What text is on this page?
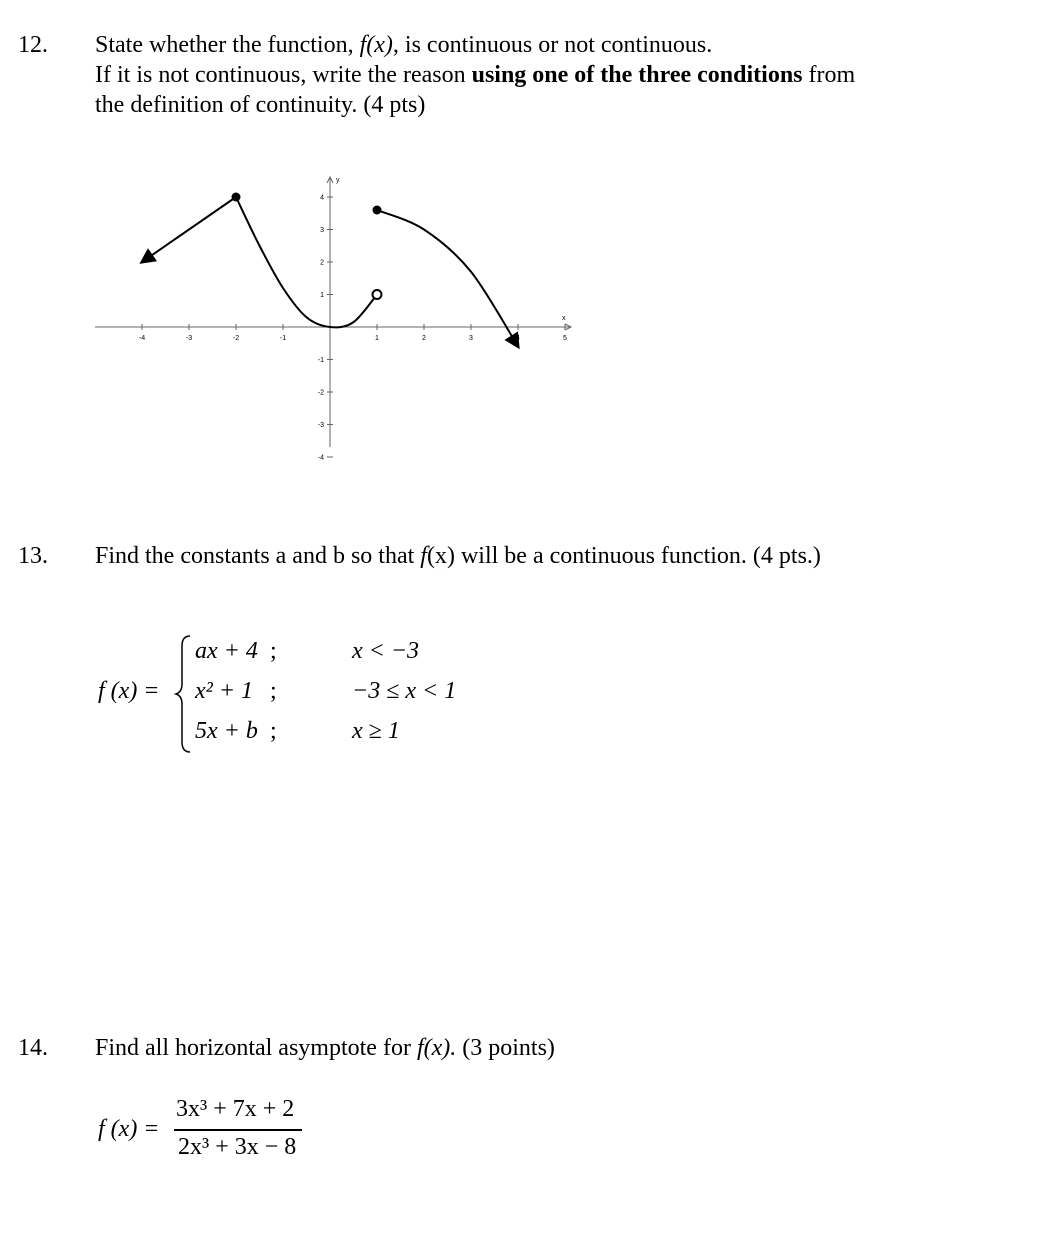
12. State whether the function, f(x), is continuous or not continuous.
If it is not continuous, write the reason using one of the three conditions from
the definition of continuity. (4 pts)
y
x
-4	-3	-2	-1	1	2	3	4	5
4
3
2
1
-1
-2
-3
-4
13. Find the constants a and b so that f(x) will be a continuous function. (4 pts.)
f (x) =
ax + 4 ;	x < −3
x² + 1 ;	−3 ≤ x < 1
5x + b ;	x ≥ 1
14. Find all horizontal asymptote for f(x). (3 points)
f (x) =
3x³ + 7x + 2
2x³ + 3x − 8
